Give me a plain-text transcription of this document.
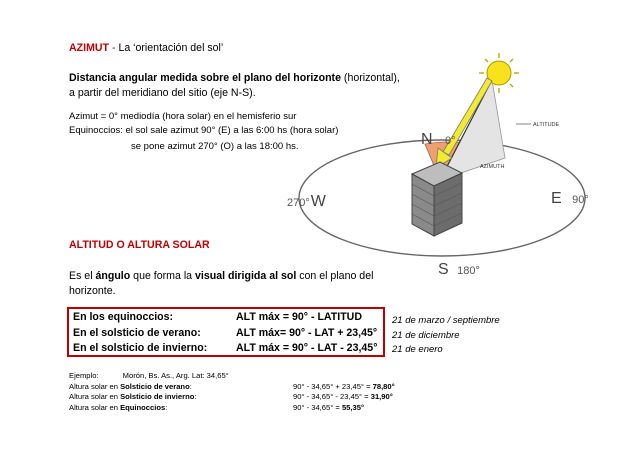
AZIMUT - La ‘orientación del sol’
Distancia angular medida sobre el plano del horizonte (horizontal),
a partir del meridiano del sitio (eje N-S).
Azimut = 0° mediodía (hora solar) en el hemisferio sur
Equinoccios: el sol sale azimut 90° (E) a las 6:00 hs (hora solar)
se pone azimut 270° (O) a las 18:00 hs.
ALTITUDE
AZIMUTH
N 0°
270°W	E 90°
S 180°
ALTITUD O ALTURA SOLAR
Es el ángulo que forma la visual dirigida al sol con el plano del
horizonte.
En los equinoccios:	ALT máx = 90° - LATITUD
En el solsticio de verano:	ALT máx= 90° - LAT + 23,45°
En el solsticio de invierno:	ALT máx = 90° - LAT - 23,45°
21 de marzo / septiembre
21 de diciembre
21 de enero
Ejemplo:	Morón, Bs. As., Arg. Lat: 34,65°
Altura solar en Solsticio de verano:	90° - 34,65° + 23,45° = 78,80°
Altura solar en Solsticio de invierno:	90° - 34,65° - 23,45° = 31,90°
Altura solar en Equinoccios:	90° - 34,65° = 55,35°
